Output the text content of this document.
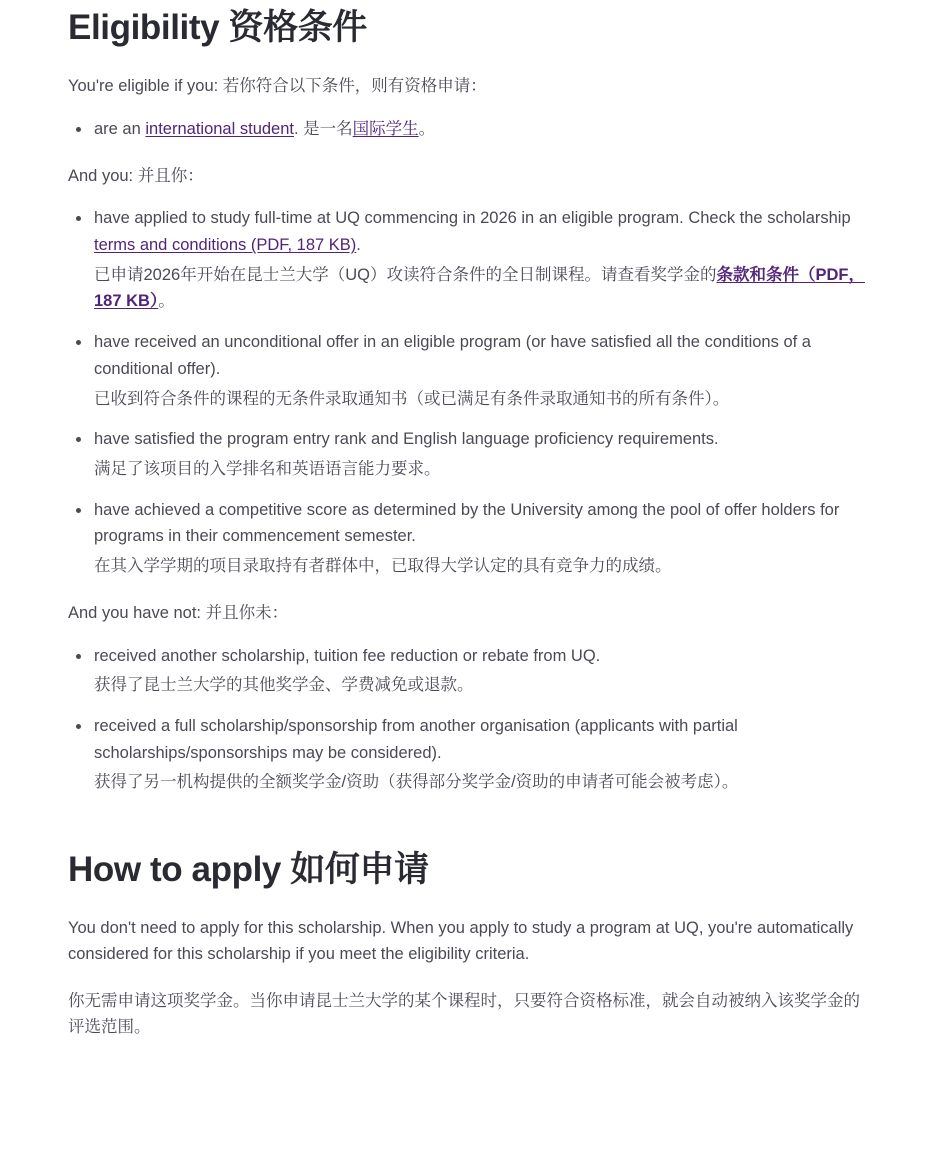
Eligibility 资格条件

You're eligible if you: 若你符合以下条件，则有资格申请：

are an international student. 是一名国际学生。

And you: 并且你：

have applied to study full-time at UQ commencing in 2026 in an eligible program. Check the scholarship terms and conditions (PDF, 187 KB).
已申请2026年开始在昆士兰大学（UQ）攻读符合条件的全日制课程。请查看奖学金的条款和条件（PDF，187 KB）。
have received an unconditional offer in an eligible program (or have satisfied all the conditions of a conditional offer).
已收到符合条件的课程的无条件录取通知书（或已满足有条件录取通知书的所有条件）。
have satisfied the program entry rank and English language proficiency requirements.
满足了该项目的入学排名和英语语言能力要求。
have achieved a competitive score as determined by the University among the pool of offer holders for programs in their commencement semester.
在其入学学期的项目录取持有者群体中，已取得大学认定的具有竞争力的成绩。

And you have not: 并且你未：

received another scholarship, tuition fee reduction or rebate from UQ.
获得了昆士兰大学的其他奖学金、学费减免或退款。
received a full scholarship/sponsorship from another organisation (applicants with partial scholarships/sponsorships may be considered).
获得了另一机构提供的全额奖学金/资助（获得部分奖学金/资助的申请者可能会被考虑）。
How to apply 如何申请

You don't need to apply for this scholarship. When you apply to study a program at UQ, you're automatically considered for this scholarship if you meet the eligibility criteria.

你无需申请这项奖学金。当你申请昆士兰大学的某个课程时，只要符合资格标准，就会自动被纳入该奖学金的评选范围。
